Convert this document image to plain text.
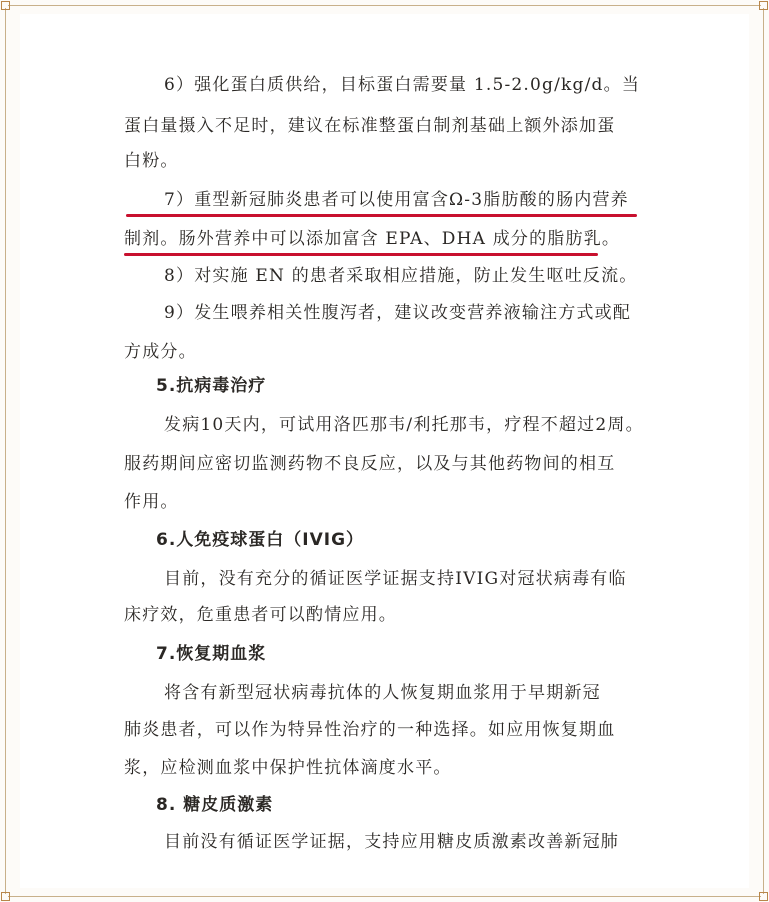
6）强化蛋白质供给，目标蛋白需要量 1.5-2.0g/kg/d。当
蛋白量摄入不足时，建议在标准整蛋白制剂基础上额外添加蛋
白粉。
7）重型新冠肺炎患者可以使用富含Ω-3脂肪酸的肠内营养
制剂。肠外营养中可以添加富含 EPA、DHA 成分的脂肪乳。
8）对实施 EN 的患者采取相应措施，防止发生呕吐反流。
9）发生喂养相关性腹泻者，建议改变营养液输注方式或配
方成分。
5.抗病毒治疗
发病10天内，可试用洛匹那韦/利托那韦，疗程不超过2周。
服药期间应密切监测药物不良反应，以及与其他药物间的相互
作用。
6.人免疫球蛋白（IVIG）
目前，没有充分的循证医学证据支持IVIG对冠状病毒有临
床疗效，危重患者可以酌情应用。
7.恢复期血浆
将含有新型冠状病毒抗体的人恢复期血浆用于早期新冠
肺炎患者，可以作为特异性治疗的一种选择。如应用恢复期血
浆，应检测血浆中保护性抗体滴度水平。
8. 糖皮质激素
目前没有循证医学证据，支持应用糖皮质激素改善新冠肺
